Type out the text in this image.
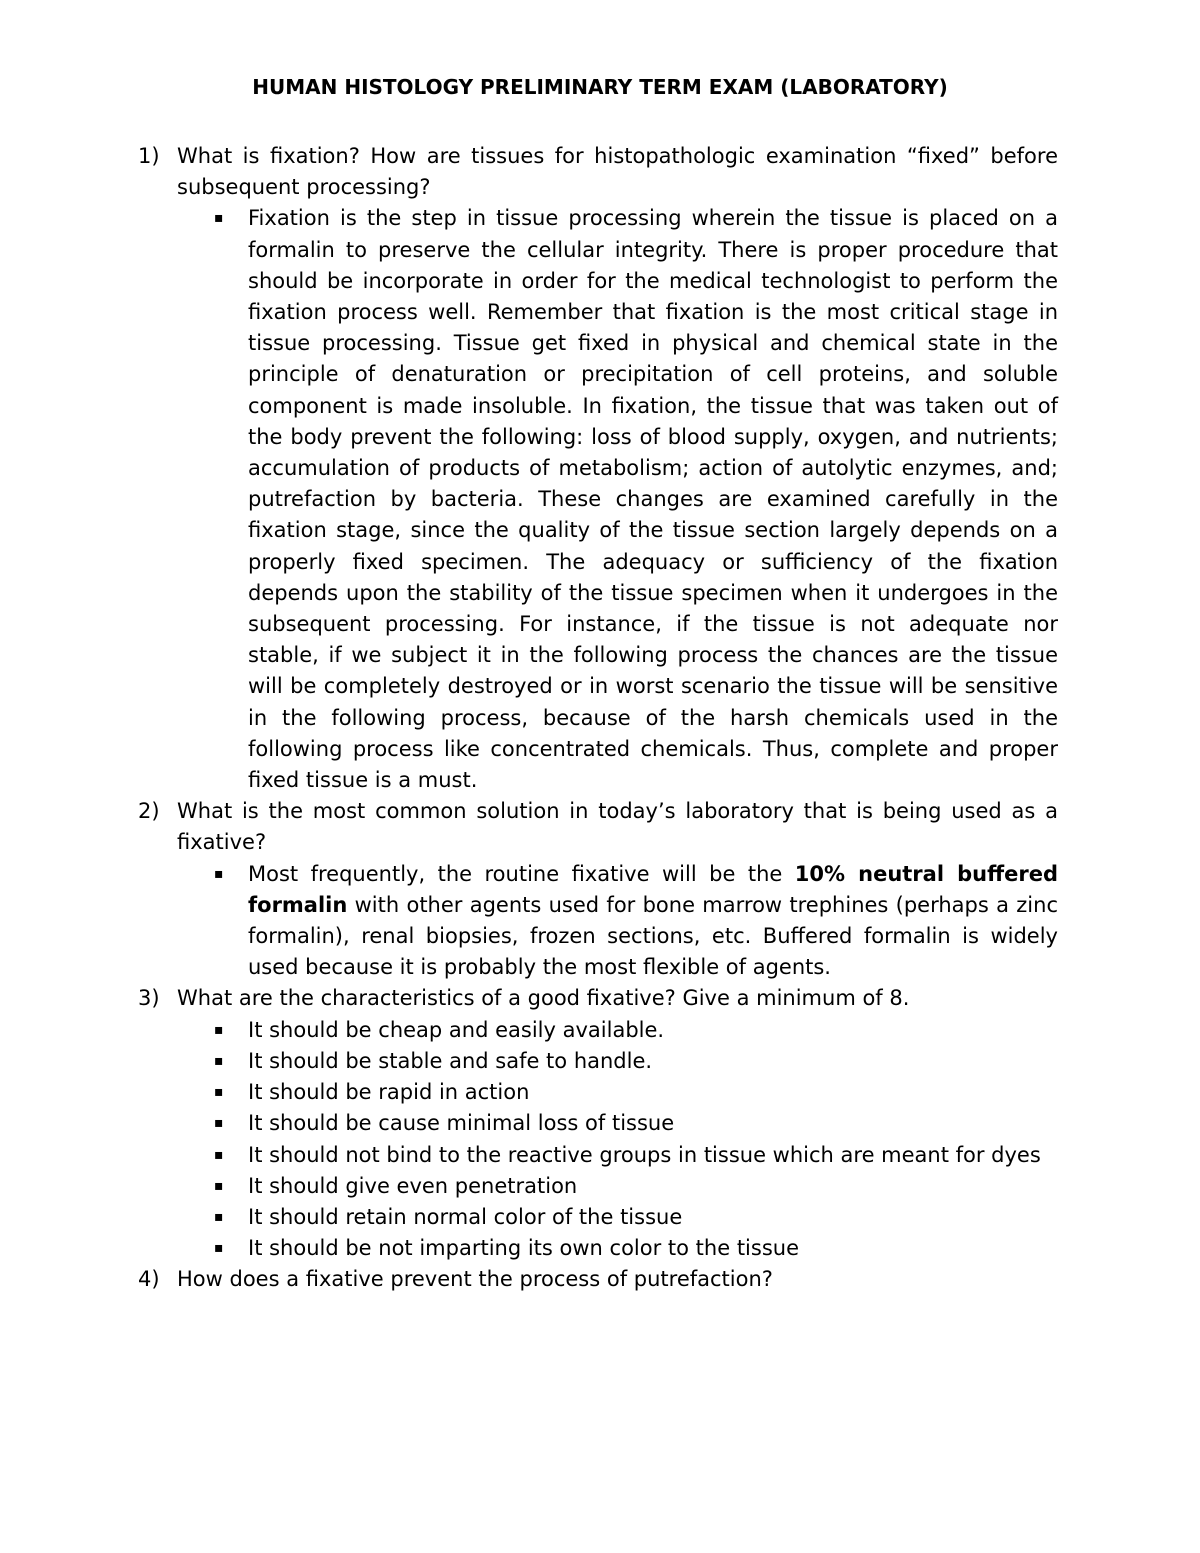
HUMAN HISTOLOGY PRELIMINARY TERM EXAM (LABORATORY)
1) What is fixation? How are tissues for histopathologic examination “fixed” before subsequent processing?
▪ Fixation is the step in tissue processing wherein the tissue is placed on a formalin to preserve the cellular integrity. There is proper procedure that should be incorporate in order for the medical technologist to perform the fixation process well. Remember that fixation is the most critical stage in tissue processing. Tissue get fixed in physical and chemical state in the principle of denaturation or precipitation of cell proteins, and soluble component is made insoluble. In fixation, the tissue that was taken out of the body prevent the following: loss of blood supply, oxygen, and nutrients; accumulation of products of metabolism; action of autolytic enzymes, and; putrefaction by bacteria. These changes are examined carefully in the fixation stage, since the quality of the tissue section largely depends on a properly fixed specimen. The adequacy or sufficiency of the fixation depends upon the stability of the tissue specimen when it undergoes in the subsequent processing. For instance, if the tissue is not adequate nor stable, if we subject it in the following process the chances are the tissue will be completely destroyed or in worst scenario the tissue will be sensitive in the following process, because of the harsh chemicals used in the following process like concentrated chemicals. Thus, complete and proper fixed tissue is a must.
2) What is the most common solution in today’s laboratory that is being used as a fixative?
▪ Most frequently, the routine fixative will be the 10% neutral buffered formalin with other agents used for bone marrow trephines (perhaps a zinc formalin), renal biopsies, frozen sections, etc. Buffered formalin is widely used because it is probably the most flexible of agents.
3) What are the characteristics of a good fixative? Give a minimum of 8.
▪ It should be cheap and easily available.
▪ It should be stable and safe to handle.
▪ It should be rapid in action
▪ It should be cause minimal loss of tissue
▪ It should not bind to the reactive groups in tissue which are meant for dyes
▪ It should give even penetration
▪ It should retain normal color of the tissue
▪ It should be not imparting its own color to the tissue
4) How does a fixative prevent the process of putrefaction?
